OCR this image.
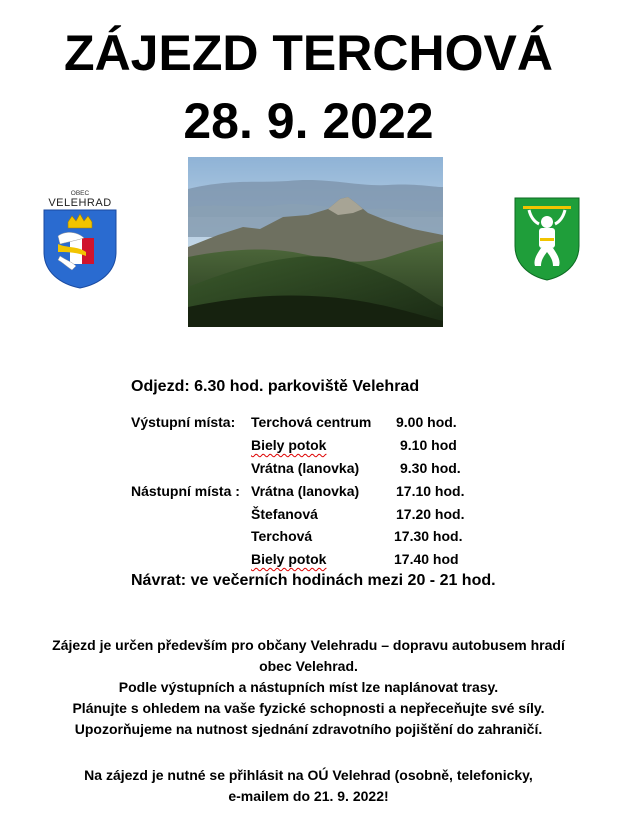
ZÁJEZD TERCHOVÁ
28. 9. 2022
OBEC
VELEHRAD
Odjezd: 6.30 hod. parkoviště Velehrad
Výstupní místa: Terchová centrum 9.00 hod.
Biely potok	9.10 hod
Vrátna (lanovka)	9.30 hod.
Nástupní místa : Vrátna (lanovka)	17.10 hod.
Štefanová	17.20 hod.
Terchová	17.30 hod.
Biely potok	17.40 hod
Návrat: ve večerních hodinách mezi 20 - 21 hod.
Zájezd je určen především pro občany Velehradu – dopravu autobusem hradí
obec Velehrad.
Podle výstupních a nástupních míst lze naplánovat trasy.
Plánujte s ohledem na vaše fyzické schopnosti a nepřeceňujte své síly.
Upozorňujeme na nutnost sjednání zdravotního pojištění do zahraničí.
Na zájezd je nutné se přihlásit na OÚ Velehrad (osobně, telefonicky,
e-mailem do 21. 9. 2022!
